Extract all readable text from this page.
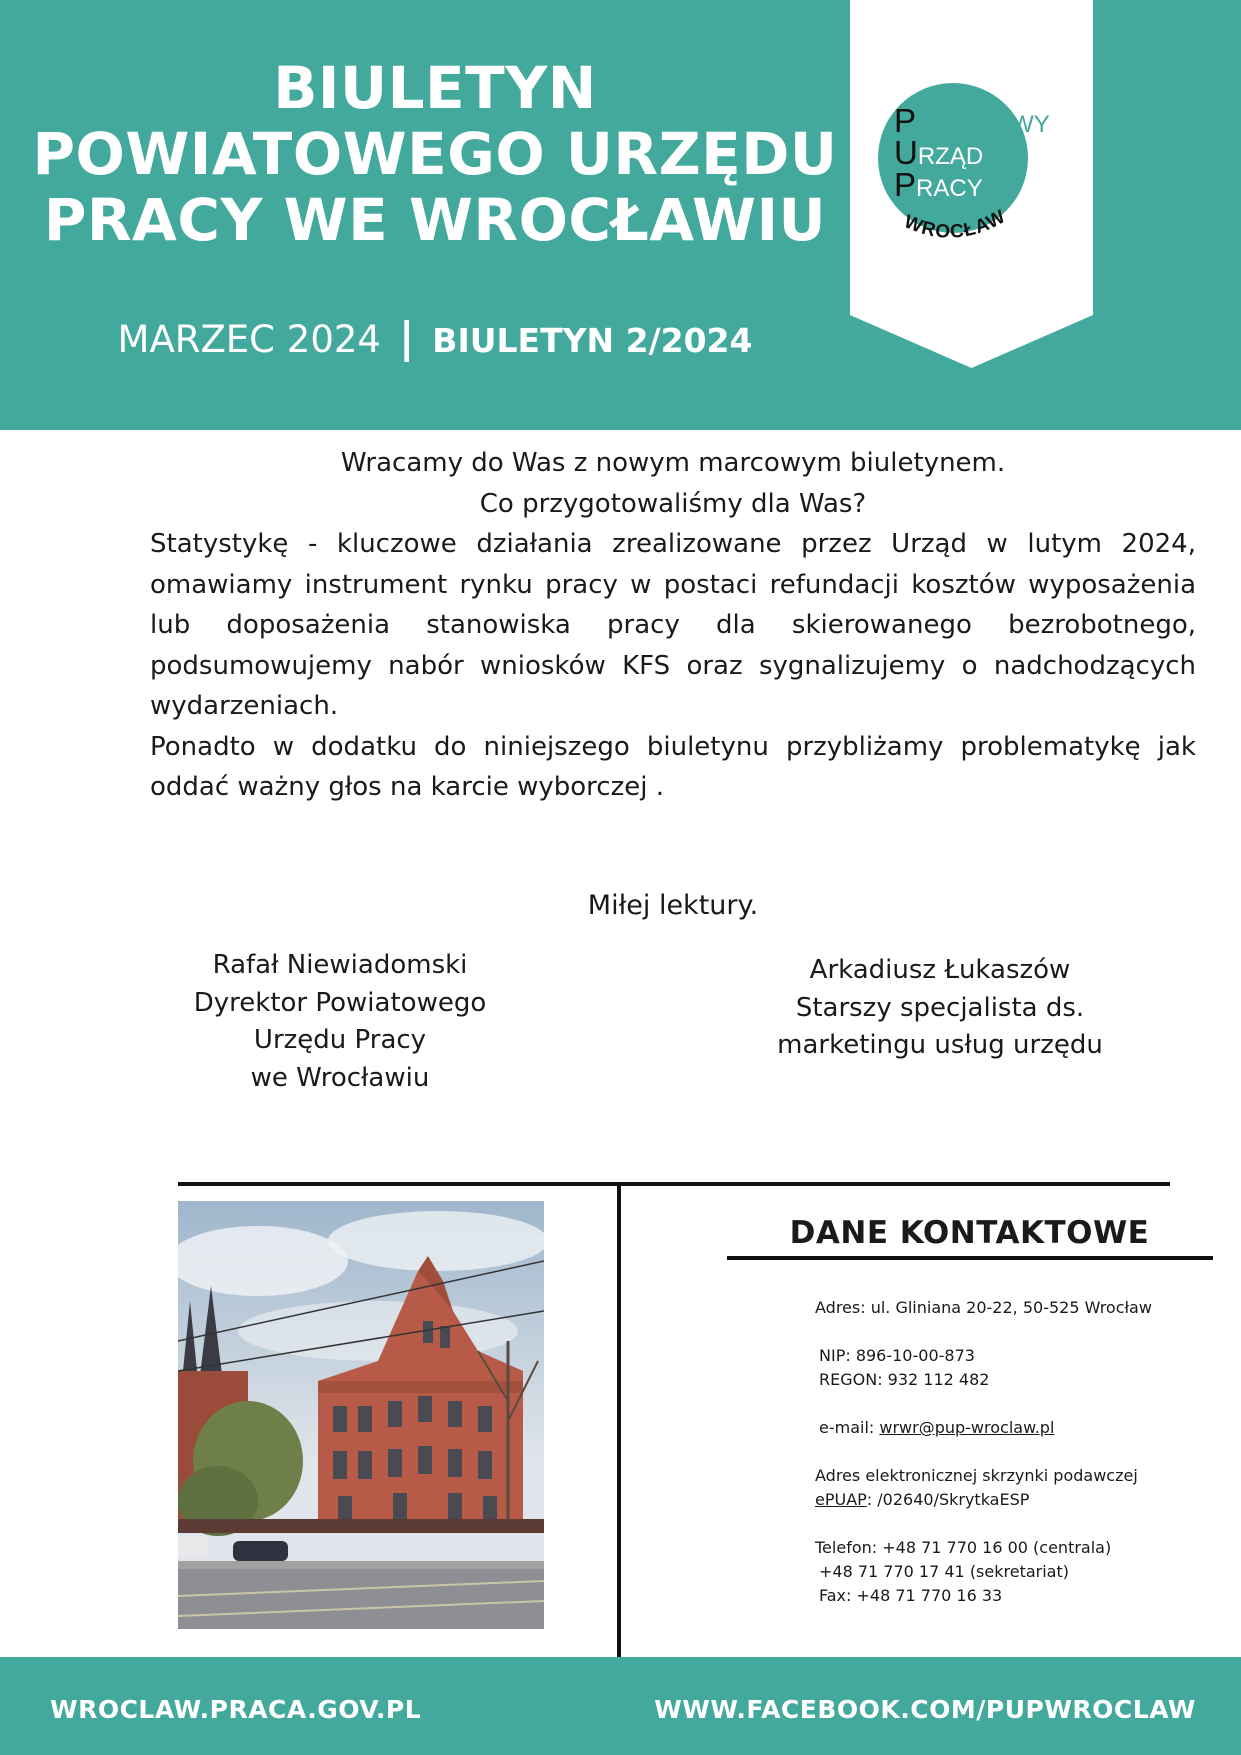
BIULETYN
POWIATOWEGO URZĘDU
PRACY WE WROCŁAWIU
MARZEC 2024 | BIULETYN 2/2024
POWIATOWY
URZĄD
PRACY
WROCŁAW

Wracamy do Was z nowym marcowym biuletynem.

Co przygotowaliśmy dla Was?

Statystykę - kluczowe działania zrealizowane przez Urząd w lutym 2024, omawiamy instrument rynku pracy w postaci refundacji kosztów wyposażenia lub doposażenia stanowiska pracy dla skierowanego bezrobotnego, podsumowujemy nabór wniosków KFS oraz sygnalizujemy o nadchodzących wydarzeniach.

Ponadto w dodatku do niniejszego biuletynu przybliżamy problematykę jak oddać ważny głos na karcie wyborczej .

Miłej lektury.
Rafał Niewiadomski
Dyrektor Powiatowego
Urzędu Pracy
we Wrocławiu
Arkadiusz Łukaszów
Starszy specjalista ds.
marketingu usług urzędu
DANE KONTAKTOWE
Adres: ul. Gliniana 20-22, 50-525 Wrocław
NIP: 896-10-00-873
REGON: 932 112 482
e-mail: wrwr@pup-wroclaw.pl
Adres elektronicznej skrzynki podawczej
ePUAP: /02640/SkrytkaESP
Telefon: +48 71 770 16 00 (centrala)
+48 71 770 17 41 (sekretariat)
Fax: +48 71 770 16 33
WROCLAW.PRACA.GOV.PL	WWW.FACEBOOK.COM/PUPWROCLAW
